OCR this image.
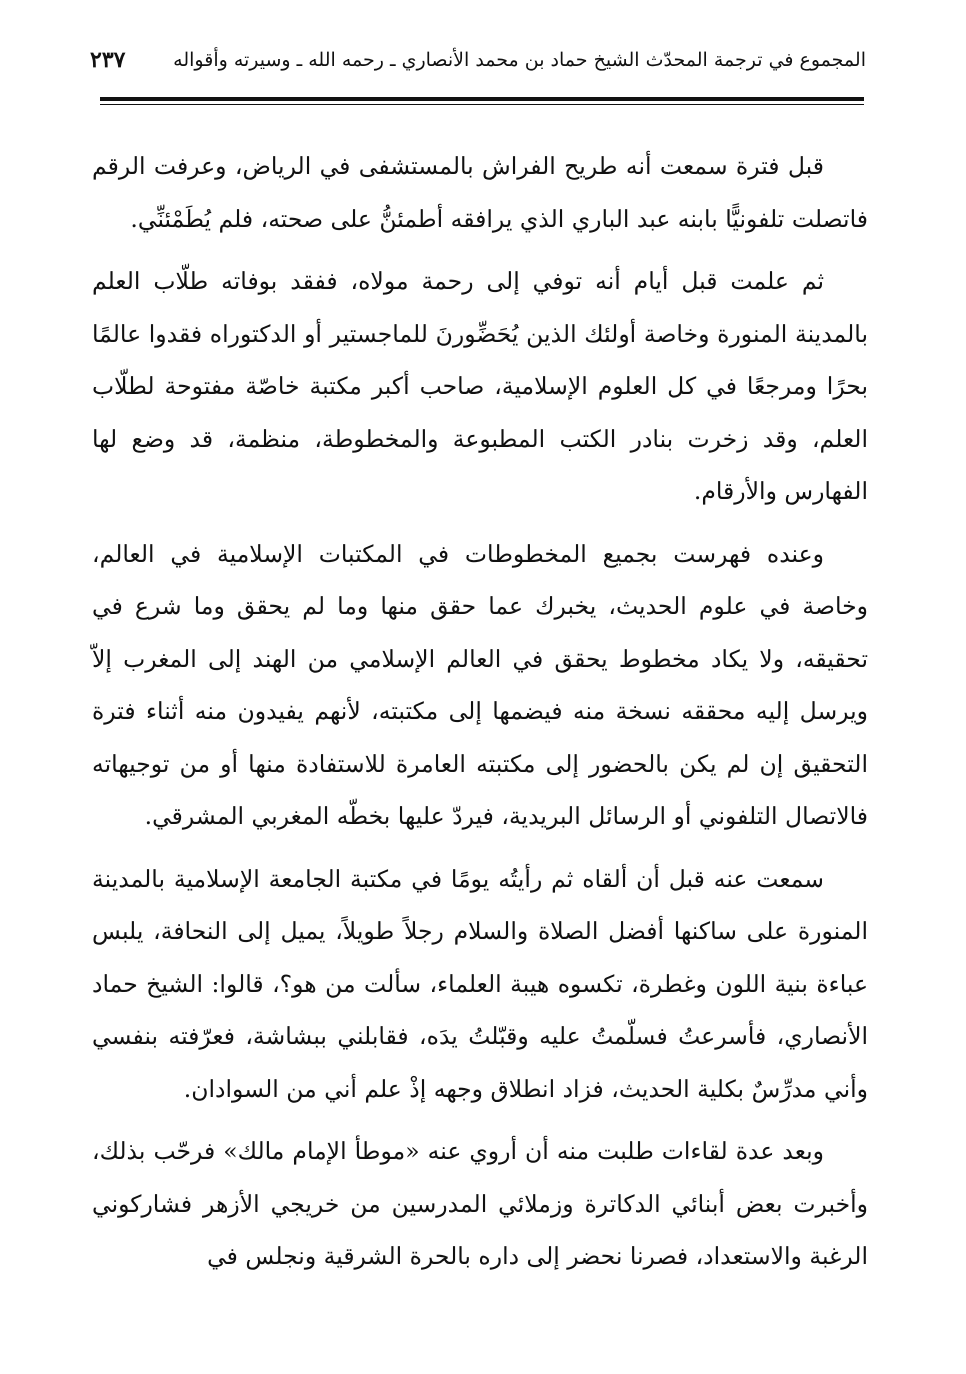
المجموع في ترجمة المحدّث الشيخ حماد بن محمد الأنصاري ـ رحمه الله ـ وسيرته وأقواله
٢٣٧

قبل فترة سمعت أنه طريح الفراش بالمستشفى في الرياض، وعرفت الرقم فاتصلت تلفونيًّا بابنه عبد الباري الذي يرافقه أطمئنُّ على صحته، فلم يُطَمْئنِّي.

ثم علمت قبل أيام أنه توفي إلى رحمة مولاه، ففقد بوفاته طلّاب العلم بالمدينة المنورة وخاصة أولئك الذين يُحَضِّورنَ للماجستير أو الدكتوراه فقدوا عالمًا بحرًا ومرجعًا في كل العلوم الإسلامية، صاحب أكبر مكتبة خاصّة مفتوحة لطلّاب العلم، وقد زخرت بنادر الكتب المطبوعة والمخطوطة، منظمة، قد وضع لها الفهارس والأرقام.

وعنده فهرست بجميع المخطوطات في المكتبات الإسلامية في العالم، وخاصة في علوم الحديث، يخبرك عما حقق منها وما لم يحقق وما شرع في تحقيقه، ولا يكاد مخطوط يحقق في العالم الإسلامي من الهند إلى المغرب إلاّ ويرسل إليه محققه نسخة منه فيضمها إلى مكتبته، لأنهم يفيدون منه أثناء فترة التحقيق إن لم يكن بالحضور إلى مكتبته العامرة للاستفادة منها أو من توجيهاته فالاتصال التلفوني أو الرسائل البريدية، فيردّ عليها بخطّه المغربي المشرقي.

سمعت عنه قبل أن ألقاه ثم رأيتُه يومًا في مكتبة الجامعة الإسلامية بالمدينة المنورة على ساكنها أفضل الصلاة والسلام رجلاً طويلاً، يميل إلى النحافة، يلبس عباءة بنية اللون وغطرة، تكسوه هيبة العلماء، سألت من هو؟، قالوا: الشيخ حماد الأنصاري، فأسرعتُ فسلّمتُ عليه وقبّلتُ يدَه، فقابلني ببشاشة، فعرّفته بنفسي وأني مدرِّسٌ بكلية الحديث، فزاد انطلاق وجهه إذْ علم أني من السوادان.

وبعد عدة لقاءات طلبت منه أن أروي عنه «موطأ الإمام مالك» فرحّب بذلك، وأخبرت بعض أبنائي الدكاترة وزملائي المدرسين من خريجي الأزهر فشاركوني الرغبة والاستعداد، فصرنا نحضر إلى داره بالحرة الشرقية ونجلس في
